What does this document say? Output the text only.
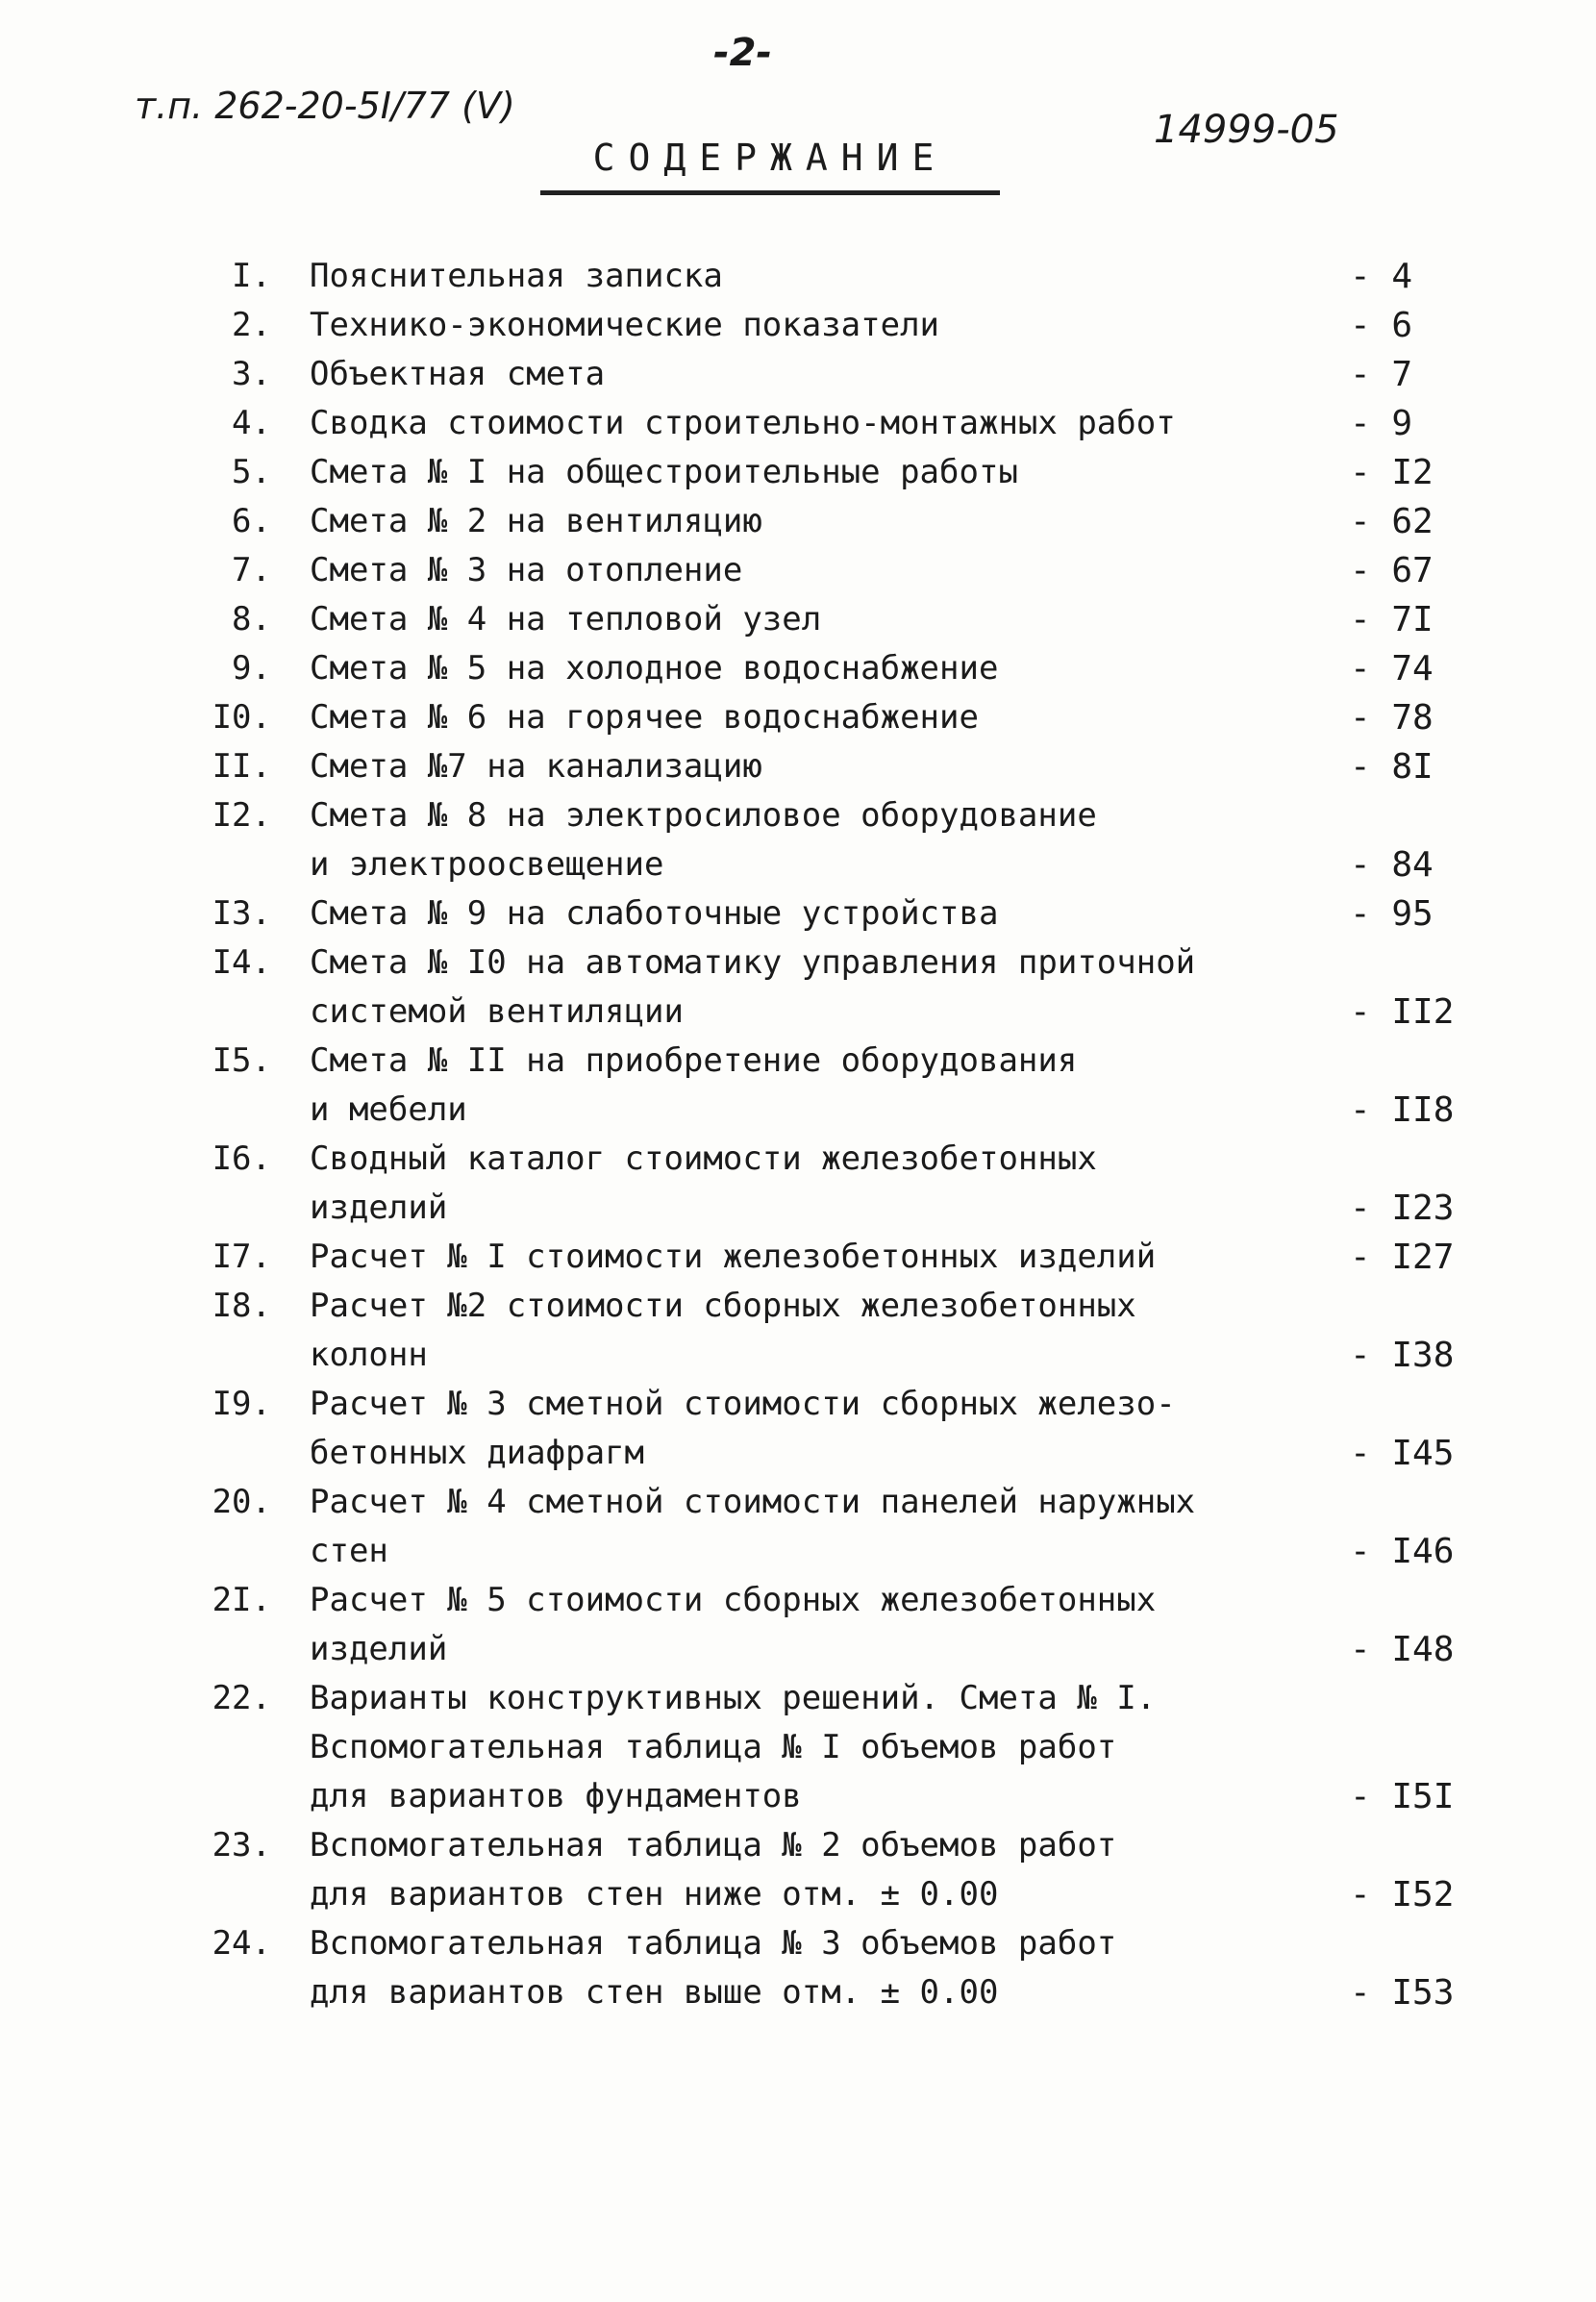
-2-
т.п. 262-20-5I/77 (V)
14999-05
СОДЕРЖАНИЕ
I. Пояснительная записка	- 4
2. Технико-экономические показатели	- 6
3. Объектная смета	- 7
4. Сводка стоимости строительно-монтажных работ	- 9
5. Смета № I на общестроительные работы	- I2
6. Смета № 2 на вентиляцию	- 62
7. Смета № 3 на отопление	- 67
8. Смета № 4 на тепловой узел	- 7I
9. Смета № 5 на холодное водоснабжение	- 74
I0. Смета № 6 на горячее водоснабжение	- 78
II. Смета №7 на канализацию	- 8I
I2. Смета № 8 на электросиловое оборудование
и электроосвещение	- 84
I3. Смета № 9 на слаботочные устройства	- 95
I4. Смета № I0 на автоматику управления приточной
системой вентиляции	- II2
I5. Смета № II на приобретение оборудования
и мебели	- II8
I6. Сводный каталог стоимости железобетонных
изделий	- I23
I7. Расчет № I стоимости железобетонных изделий	- I27
I8. Расчет №2 стоимости сборных железобетонных
колонн	- I38
I9. Расчет № 3 сметной стоимости сборных железо-
бетонных диафрагм	- I45
20. Расчет № 4 сметной стоимости панелей наружных
стен	- I46
2I. Расчет № 5 стоимости сборных железобетонных
изделий	- I48
22. Варианты конструктивных решений. Смета № I.
Вспомогательная таблица № I объемов работ
для вариантов фундаментов	- I5I
23. Вспомогательная таблица № 2 объемов работ
для вариантов стен ниже отм. ± 0.00	- I52
24. Вспомогательная таблица № 3 объемов работ
для вариантов стен выше отм. ± 0.00	- I53
